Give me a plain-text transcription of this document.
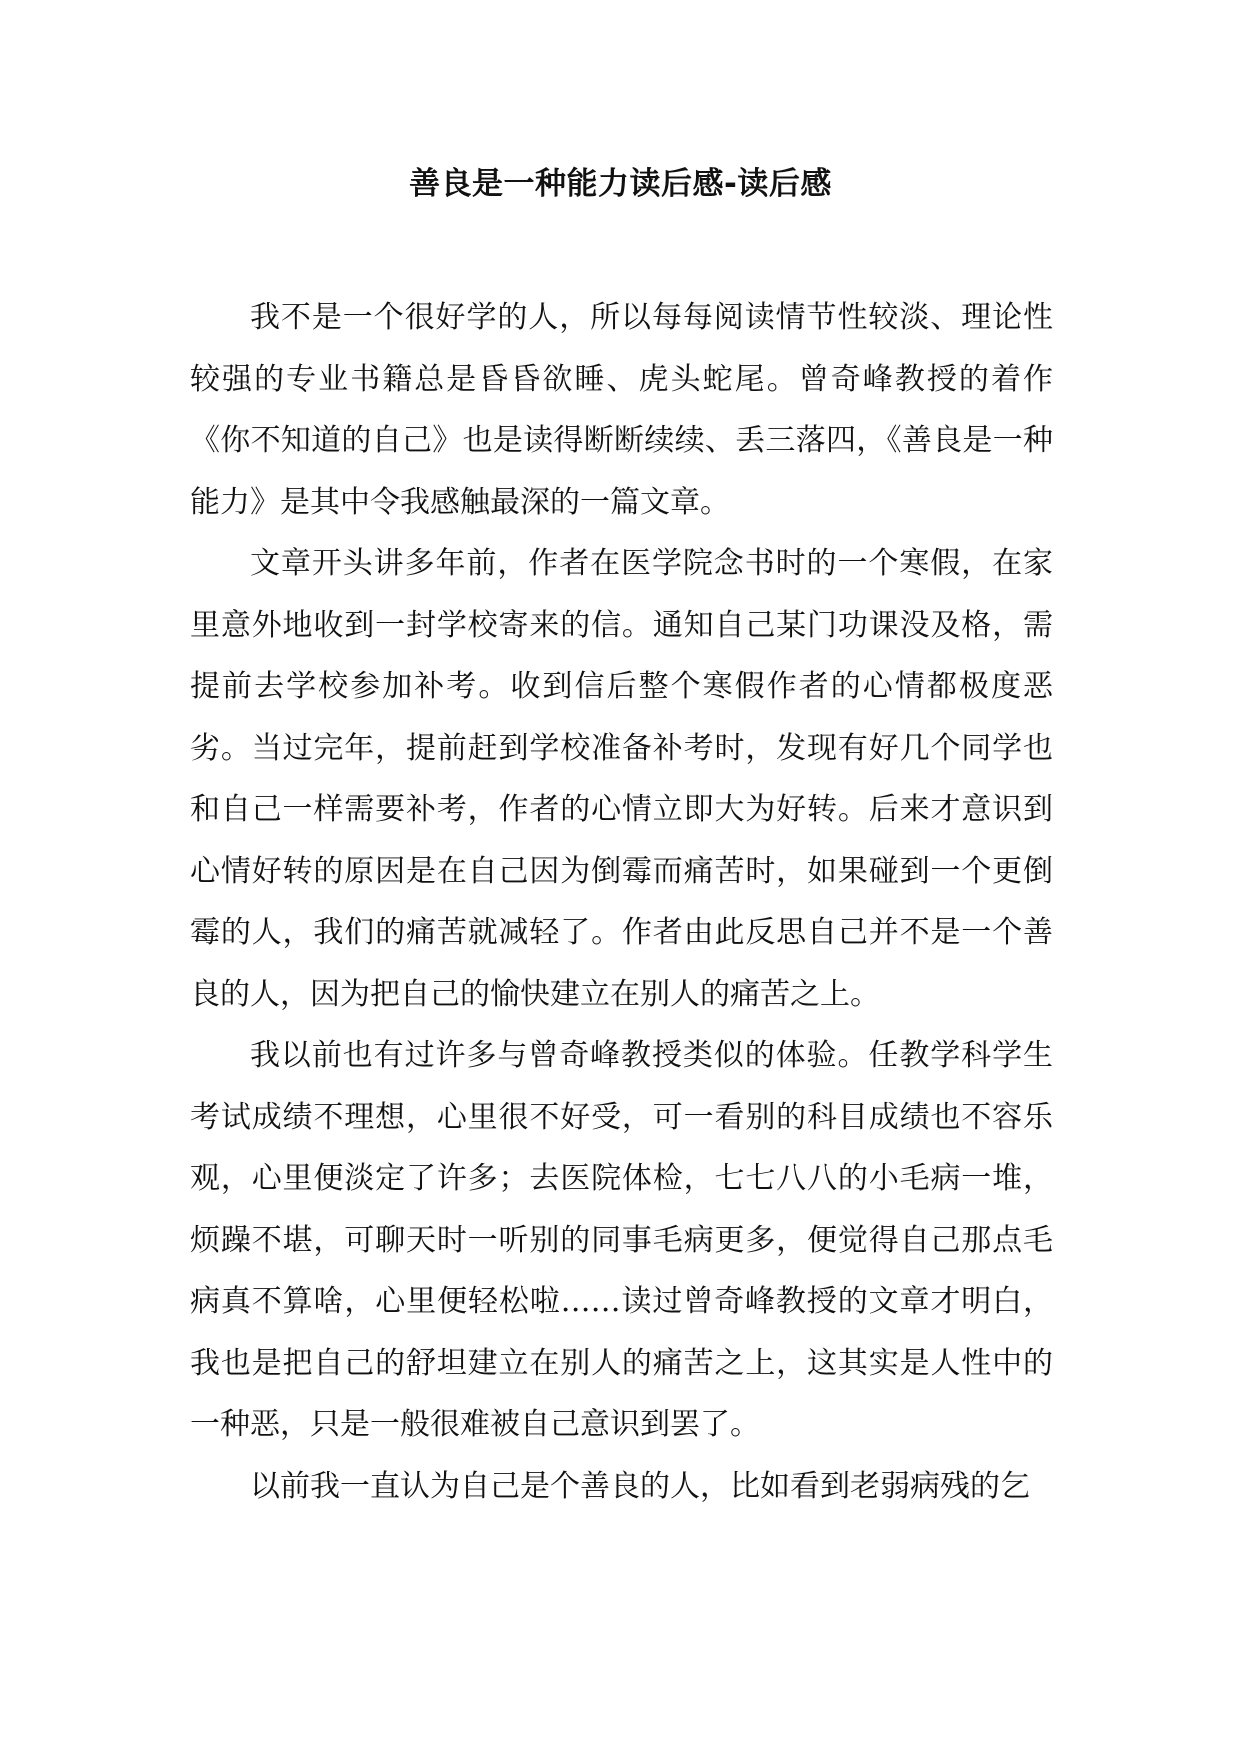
善良是一种能力读后感-读后感

我不是一个很好学的人，所以每每阅读情节性较淡、理论性较强的专业书籍总是昏昏欲睡、虎头蛇尾。曾奇峰教授的着作《你不知道的自己》也是读得断断续续、丢三落四，《善良是一种能力》是其中令我感触最深的一篇文章。

文章开头讲多年前，作者在医学院念书时的一个寒假，在家里意外地收到一封学校寄来的信。通知自己某门功课没及格，需提前去学校参加补考。收到信后整个寒假作者的心情都极度恶劣。当过完年，提前赶到学校准备补考时，发现有好几个同学也和自己一样需要补考，作者的心情立即大为好转。后来才意识到心情好转的原因是在自己因为倒霉而痛苦时，如果碰到一个更倒霉的人，我们的痛苦就减轻了。作者由此反思自己并不是一个善良的人，因为把自己的愉快建立在别人的痛苦之上。

我以前也有过许多与曾奇峰教授类似的体验。任教学科学生考试成绩不理想，心里很不好受，可一看别的科目成绩也不容乐观，心里便淡定了许多；去医院体检，七七八八的小毛病一堆，烦躁不堪，可聊天时一听别的同事毛病更多，便觉得自己那点毛病真不算啥，心里便轻松啦……读过曾奇峰教授的文章才明白，我也是把自己的舒坦建立在别人的痛苦之上，这其实是人性中的一种恶，只是一般很难被自己意识到罢了。

以前我一直认为自己是个善良的人，比如看到老弱病残的乞
